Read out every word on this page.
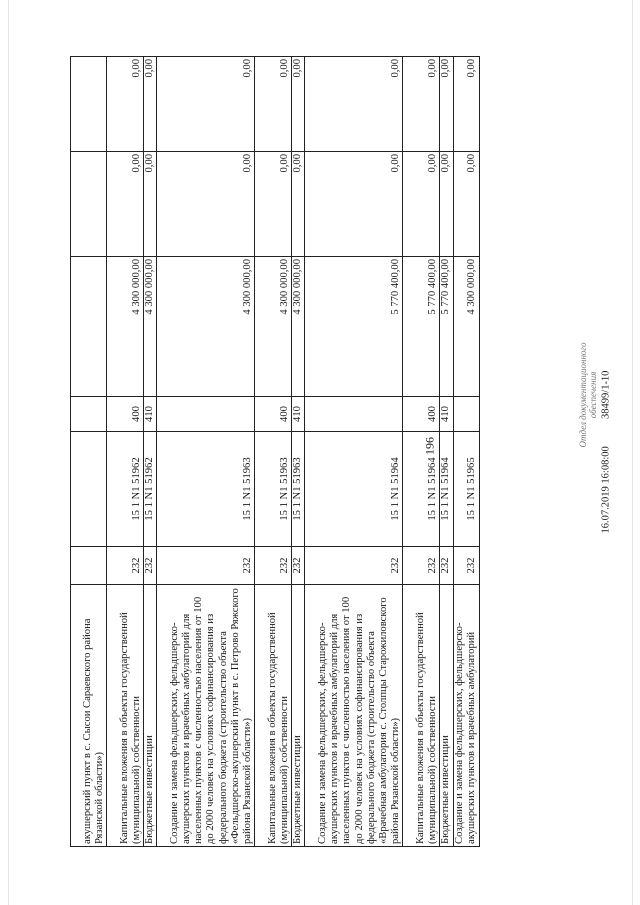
196
акушерский пункт в с. Сысои Сараевского района Рязанской области»)						
Капитальные вложения в объекты государственной (муниципальной) собственности	232	15 1 N1 51962	400	4 300 000,00	0,00	0,00
Бюджетные инвестиции	232	15 1 N1 51962	410	4 300 000,00	0,00	0,00
Создание и замена фельдшерских, фельдшерско-акушерских пунктов и врачебных амбулаторий для населенных пунктов с численностью населения от 100 до 2000 человек на условиях софинансирования из федерального бюджета (строительство объекта «Фельдшерско-акушерский пункт в с. Петрово Ряжского района Рязанской области»)	232	15 1 N1 51963		4 300 000,00	0,00	0,00
Капитальные вложения в объекты государственной (муниципальной) собственности	232	15 1 N1 51963	400	4 300 000,00	0,00	0,00
Бюджетные инвестиции	232	15 1 N1 51963	410	4 300 000,00	0,00	0,00
Создание и замена фельдшерских, фельдшерско-акушерских пунктов и врачебных амбулаторий для населенных пунктов с численностью населения от 100 до 2000 человек на условиях софинансирования из федерального бюджета (строительство объекта «Врачебная амбулатория с. Столпцы Старожиловского района Рязанской области»)	232	15 1 N1 51964		5 770 400,00	0,00	0,00
Капитальные вложения в объекты государственной (муниципальной) собственности	232	15 1 N1 51964	400	5 770 400,00	0,00	0,00
Бюджетные инвестиции	232	15 1 N1 51964	410	5 770 400,00	0,00	0,00
Создание и замена фельдшерских, фельдшерско-акушерских пунктов и врачебных амбулаторий	232	15 1 N1 51965		4 300 000,00	0,00	0,00
Отдел документационного обеспечения
16.07.2019 16:08:00  38499/1-10
